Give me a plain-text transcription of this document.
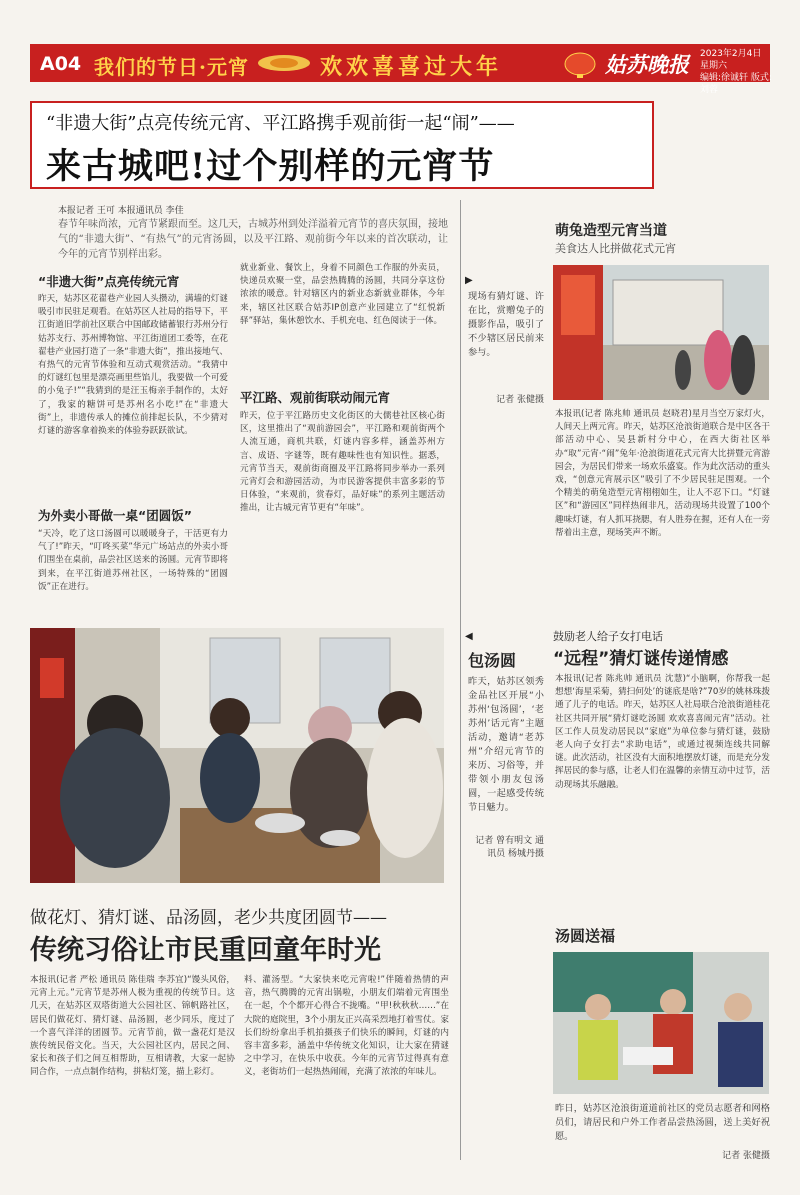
A04 我们的节日·元宵	欢欢喜喜过大年	姑苏晚报 2023年2月4日 星期六
编辑:徐诚轩 版式:刘蓉
“非遗大街”点亮传统元宵、平江路携手观前街一起“闹”——
来古城吧!过个别样的元宵节
本报记者 王可 本报通讯员 李佳
春节年味尚浓，元宵节紧跟而至。这几天，古城苏州到处洋溢着元宵节的喜庆氛围，接地气的“非遗大街”、“有热气”的元宵汤圆，以及平江路、观前街今年以来的首次联动，让今年的元宵节别样出彩。
“非遗大街”点亮传统元宵
昨天，姑苏区花翟巷产业园人头攒动，满墙的灯谜吸引市民驻足观看。在姑苏区人社局的指导下，平江街道旧学前社区联合中国邮政储蓄银行苏州分行姑苏支行、苏州博物馆、平江街道团工委等，在花翟巷产业园打造了一条“非遗大街”，推出接地气、有热气的元宵节体验和互动式观赏活动。“我猜中的灯谜红包里是漂亮画里些馅儿，我要做一个可爱的小兔子!”“我猜到的是汪玉梅亲手制作的，太好了，我家的糖饼可是苏州名小吃!”在“非遗大街”上，非遗传承人的摊位前排起长队，不少猜对灯谜的游客拿着换来的体验券跃跃欲试。
为外卖小哥做一桌“团圆饭”
“天冷，吃了这口汤圆可以暖暖身子，干活更有力气了!”昨天，“叮咚买菜”华元广场站点的外卖小哥们围坐在桌前，品尝社区送来的汤圆。元宵节即将到来，在平江街道苏州社区，一场特殊的“团圆饭”正在进行。
就业新业、餐饮上，身着不同颜色工作服的外卖员，快递员欢聚一堂，品尝热腾腾的汤圆，共同分享这份浓浓的暖意。针对辖区内的新业态新就业群体，今年来，辖区社区联合姑苏IP创意产业园建立了“红悦新驿”驿站，集休憩饮水、手机充电、红色阅读于一体。
平江路、观前街联动闹元宵
昨天，位于平江路历史文化街区的大儒巷社区核心街区，这里推出了“观前游园会”，平江路和观前街两个人流互通，商机共联，灯谜内容多样，涵盖苏州方言、成语、字谜等，既有趣味性也有知识性。据悉，元宵节当天，观前街商圈及平江路将同步举办一系列元宵灯会和游园活动，为市民游客提供丰富多彩的节日体验，“来观前，赏春灯，品好味”的系列主题活动推出，让古城元宵节更有“年味”。
做花灯、猜灯谜、品汤圆，老少共度团圆节——
传统习俗让市民重回童年时光
本报讯(记者 严松 通讯员 陈佳瑞 李苏宜)“馒头风俗，元宵上元。”元宵节是苏州人极为重视的传统节日。这几天，在姑苏区双塔街道大公园社区、锦帆路社区，居民们做花灯、猜灯谜、品汤圆，老少同乐，度过了一个喜气洋洋的团圆节。元宵节前，做一盏花灯是汉族传统民俗文化。当天，大公园社区内，居民之间、家长和孩子们之间互相帮助，互相请教，大家一起协同合作，一点点制作结构，拼粘灯笼，描上彩灯。
料、灌汤型。“大家快来吃元宵啦!”伴随着热情的声音，热气腾腾的元宵出锅啦，小朋友们端着元宵围坐在一起，个个都开心得合不拢嘴。“甲!秋秋秋……”在大院的庭院里，3个小朋友正兴高采烈地打着雪仗。家长们纷纷拿出手机拍摄孩子们快乐的瞬间，灯谜的内容丰富多彩，涵盖中华传统文化知识，让大家在猜谜之中学习，在快乐中收获。今年的元宵节过得真有意义，老街坊们一起热热闹闹，充满了浓浓的年味儿。
▶
现场有猜灯谜、许在比，赏赠兔子的摄影作品，吸引了不少辖区居民前来参与。
记者 张健摄
萌兔造型元宵当道
美食达人比拼做花式元宵
本报讯(记者 陈兆帅 通讯员 赵晓君)星月当空万家灯火，人间天上两元宵。昨天，姑苏区沧浪街道联合是中区各干部活动中心、吴县新村分中心，在西大街社区举办“取”元宵·“闹”兔年·沧浪街道花式元宵大比拼暨元宵游园会，为居民们带来一场欢乐盛宴。作为此次活动的重头戏，“创意元宵展示区”吸引了不少居民驻足围观。一个个精美的萌兔造型元宵栩栩如生，让人不忍下口。“灯谜区”和“游园区”同样热闹非凡，活动现场共设置了100个趣味灯谜，有人抓耳挠腮，有人胜券在握，还有人在一旁帮着出主意，现场笑声不断。
◀
包汤圆
昨天，姑苏区领秀金品社区开展“小苏州‘包汤圆’，‘老苏州’话元宵”主题活动，邀请“老苏州”介绍元宵节的来历、习俗等，并带领小朋友包汤圆，一起感受传统节日魅力。
记者 曾有明文 通讯员 杨城丹摄
鼓励老人给子女打电话
“远程”猜灯谜传递情感
本报讯(记者 陈兆帅 通讯员 沈慧)“小脑啊，你帮我一起想想‘海星采菊，猜扫何处’的谜底是啥?”70岁的姚林珠拨通了儿子的电话。昨天，姑苏区人社局联合沧浪街道桂花社区共同开展“猜灯谜吃汤圆 欢欢喜喜闹元宵”活动。社区工作人员发动居民以“家庭”为单位参与猜灯谜，鼓励老人向子女打去“求助电话”，或通过视频连线共同解谜。此次活动，社区没有大面积地摆放灯谜，而是充分发挥居民的参与感，让老人们在温馨的亲情互动中过节，活动现场其乐融融。
汤圆送福
昨日，姑苏区沧浪街道道前社区的党员志愿者和网格员们，请居民和户外工作者品尝热汤圆，送上美好祝愿。
记者 张健摄
